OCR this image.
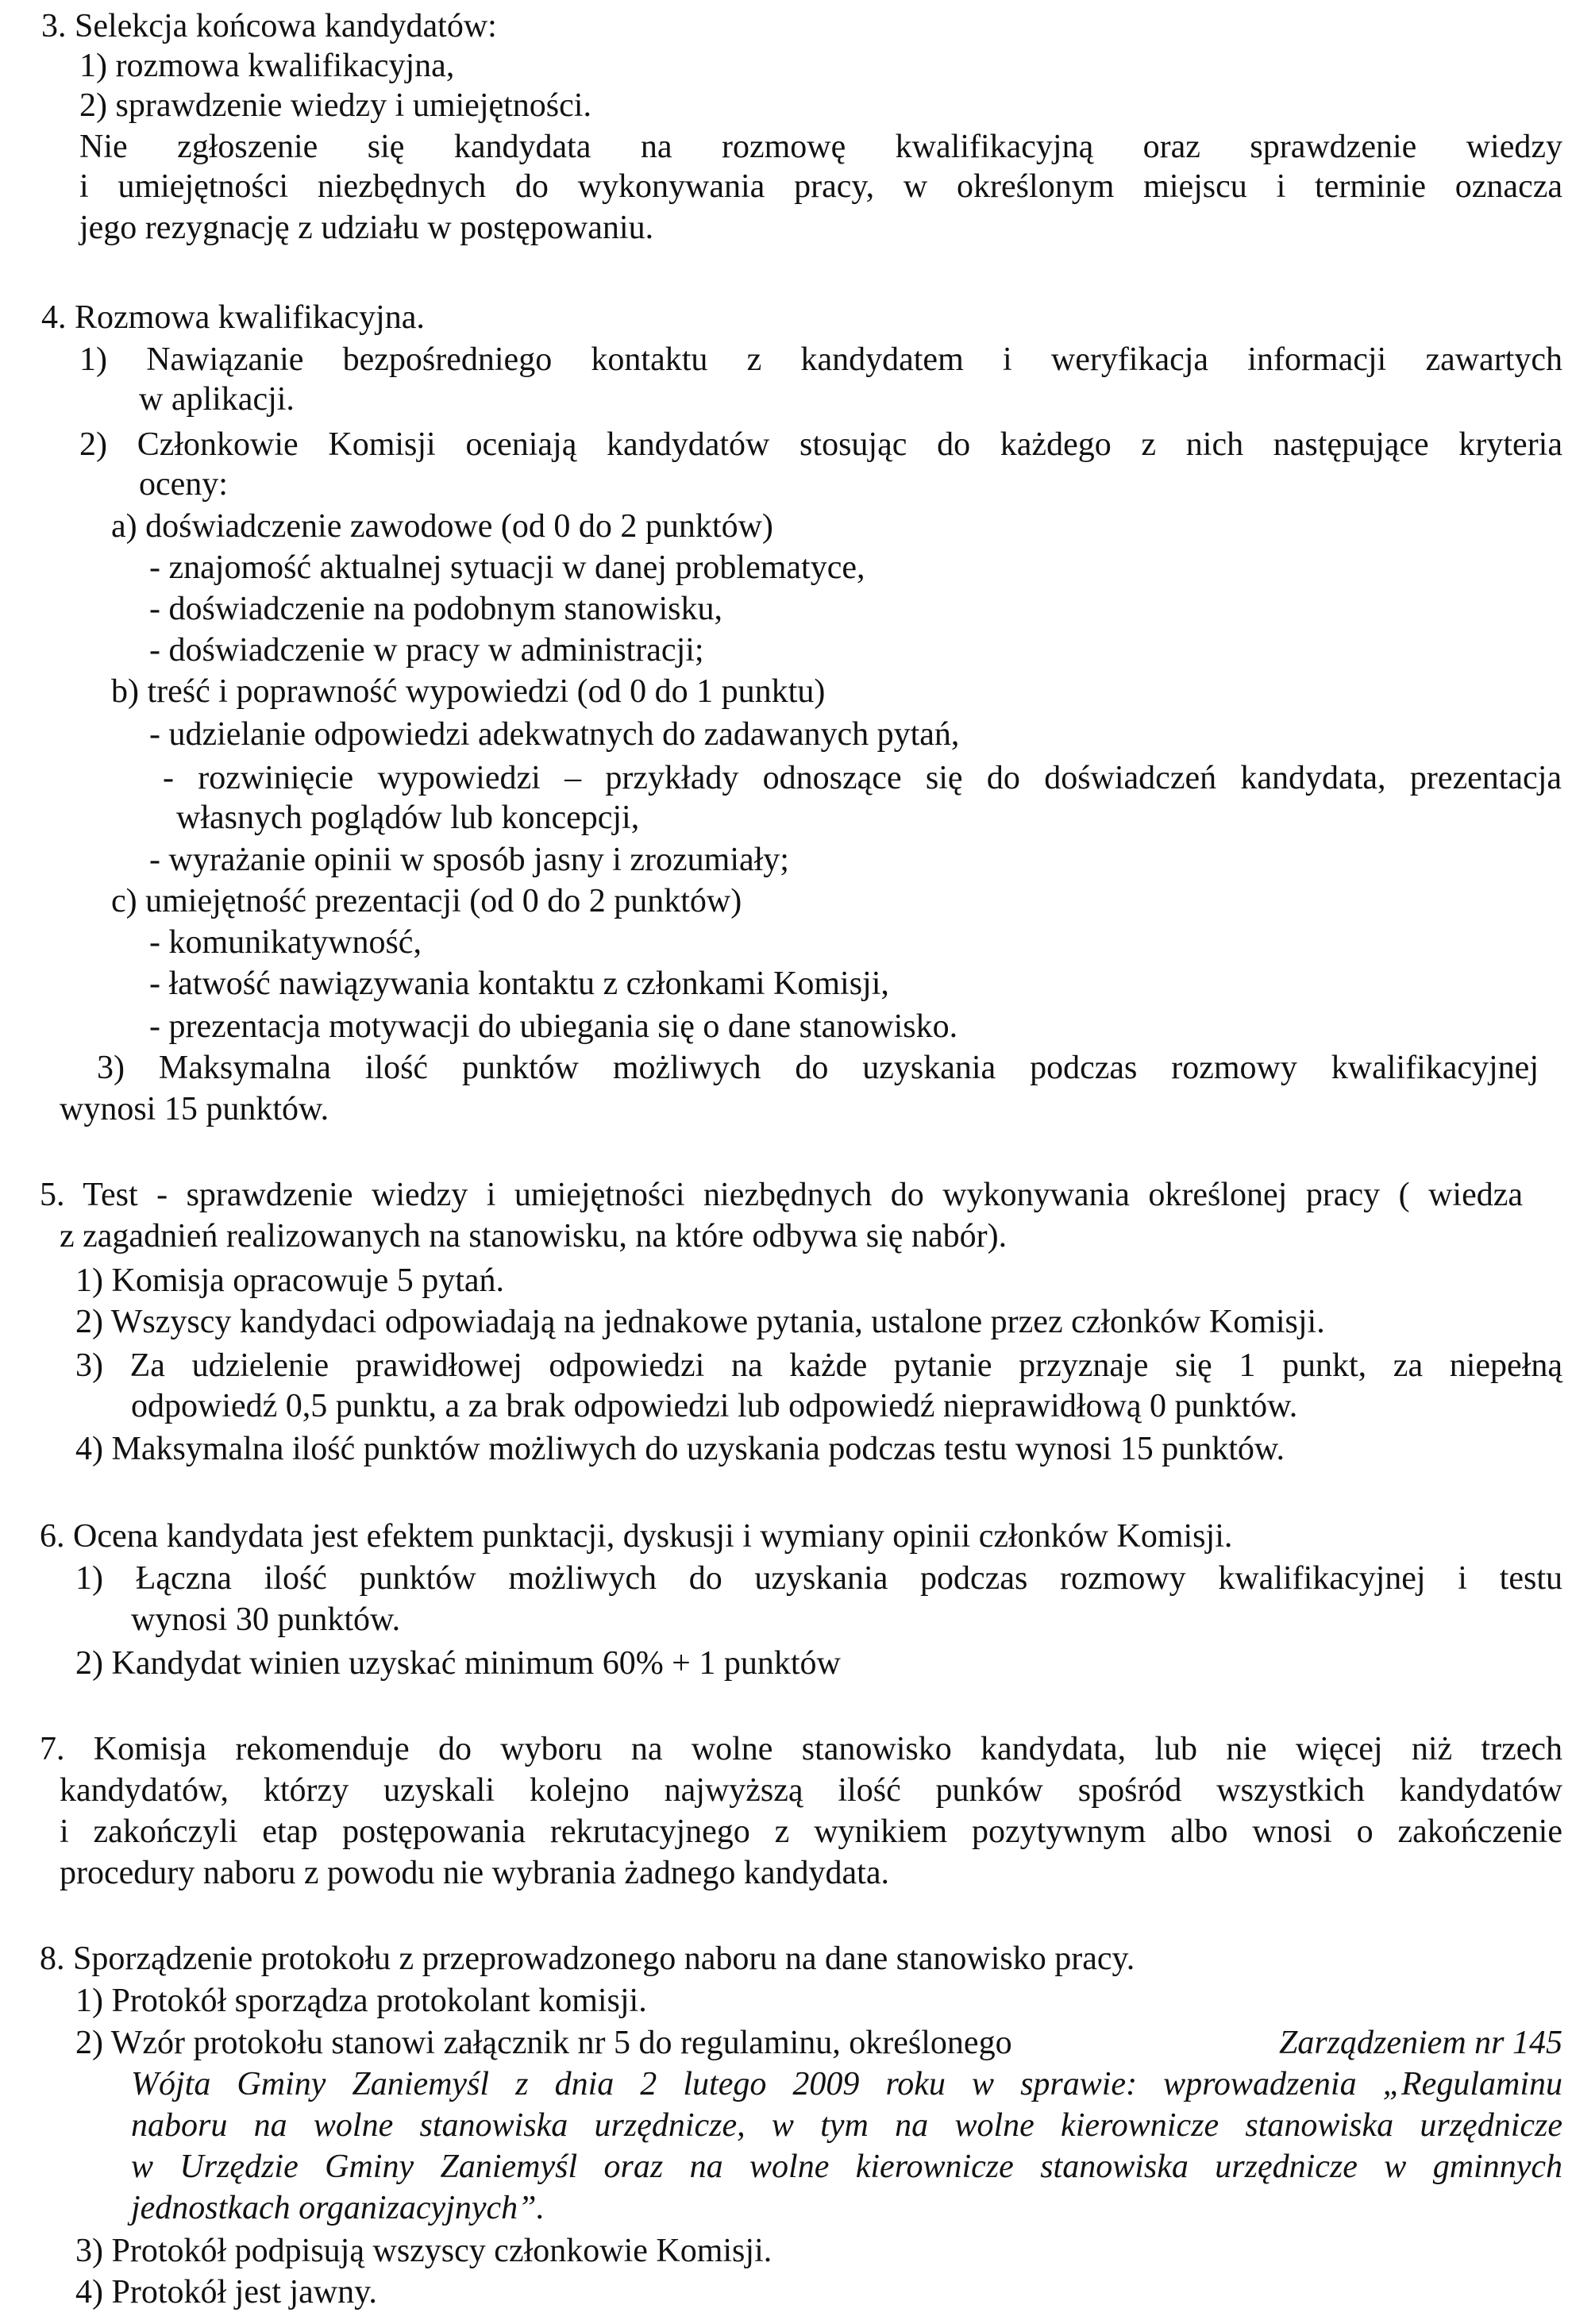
3. Selekcja końcowa kandydatów:
1) rozmowa kwalifikacyjna,
2) sprawdzenie wiedzy i umiejętności.
Nie zgłoszenie się kandydata na rozmowę kwalifikacyjną oraz sprawdzenie wiedzy
i umiejętności niezbędnych do wykonywania pracy, w określonym miejscu i terminie oznacza
jego rezygnację z udziału w postępowaniu.
4. Rozmowa kwalifikacyjna.
1) Nawiązanie bezpośredniego kontaktu z kandydatem i weryfikacja informacji zawartych
w aplikacji.
2) Członkowie Komisji oceniają kandydatów stosując do każdego z nich następujące kryteria
oceny:
a) doświadczenie zawodowe (od 0 do 2 punktów)
- znajomość aktualnej sytuacji w danej problematyce,
- doświadczenie na podobnym stanowisku,
- doświadczenie w pracy w administracji;
b) treść i poprawność wypowiedzi (od 0 do 1 punktu)
- udzielanie odpowiedzi adekwatnych do zadawanych pytań,
- rozwinięcie wypowiedzi – przykłady odnoszące się do doświadczeń kandydata, prezentacja
własnych poglądów lub koncepcji,
- wyrażanie opinii w sposób jasny i zrozumiały;
c) umiejętność prezentacji (od 0 do 2 punktów)
- komunikatywność,
- łatwość nawiązywania kontaktu z członkami Komisji,
- prezentacja motywacji do ubiegania się o dane stanowisko.
3) Maksymalna ilość punktów możliwych do uzyskania podczas rozmowy kwalifikacyjnej
wynosi 15 punktów.
5. Test - sprawdzenie wiedzy i umiejętności niezbędnych do wykonywania określonej pracy ( wiedza
z zagadnień realizowanych na stanowisku, na które odbywa się nabór).
1) Komisja opracowuje 5 pytań.
2) Wszyscy kandydaci odpowiadają na jednakowe pytania, ustalone przez członków Komisji.
3) Za udzielenie prawidłowej odpowiedzi na każde pytanie przyznaje się 1 punkt, za niepełną
odpowiedź 0,5 punktu, a za brak odpowiedzi lub odpowiedź nieprawidłową 0 punktów.
4) Maksymalna ilość punktów możliwych do uzyskania podczas testu wynosi 15 punktów.
6. Ocena kandydata jest efektem punktacji, dyskusji i wymiany opinii członków Komisji.
1) Łączna ilość punktów możliwych do uzyskania podczas rozmowy kwalifikacyjnej i testu
wynosi 30 punktów.
2) Kandydat winien uzyskać minimum 60% + 1 punktów
7. Komisja rekomenduje do wyboru na wolne stanowisko kandydata, lub nie więcej niż trzech
kandydatów, którzy uzyskali kolejno najwyższą ilość punków spośród wszystkich kandydatów
i zakończyli etap postępowania rekrutacyjnego z wynikiem pozytywnym albo wnosi o zakończenie
procedury naboru z powodu nie wybrania żadnego kandydata.
8. Sporządzenie protokołu z przeprowadzonego naboru na dane stanowisko pracy.
1) Protokół sporządza protokolant komisji.
2) Wzór protokołu stanowi załącznik nr 5 do regulaminu, określonego	Zarządzeniem nr 145
Wójta Gminy Zaniemyśl z dnia 2 lutego 2009 roku w sprawie: wprowadzenia „Regulaminu
naboru na wolne stanowiska urzędnicze, w tym na wolne kierownicze stanowiska urzędnicze
w Urzędzie Gminy Zaniemyśl oraz na wolne kierownicze stanowiska urzędnicze w gminnych
jednostkach organizacyjnych”.
3) Protokół podpisują wszyscy członkowie Komisji.
4) Protokół jest jawny.
